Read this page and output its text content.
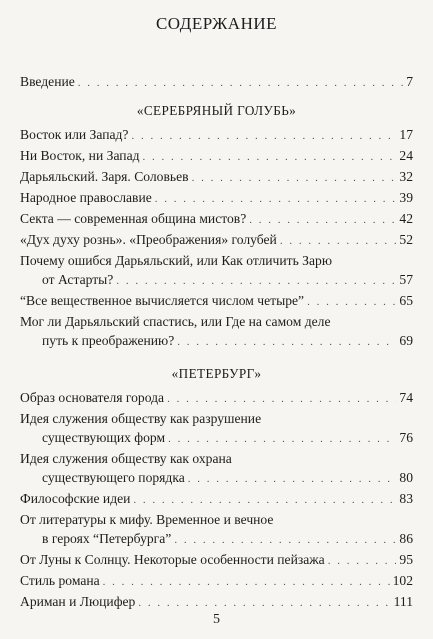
СОДЕРЖАНИЕ
Введение . . .	7
«СЕРЕБРЯНЫЙ ГОЛУБЬ»
Восток или Запад? . . .	17
Ни Восток, ни Запад . . .	24
Дарьяльский. Заря. Соловьев . . .	32
Народное православие . . .	39
Секта — современная община мистов? . . .	42
«Дух духу рознь». «Преображения» голубей . . .	52
Почему ошибся Дарьяльский, или Как отличить Зарю
от Астарты? . . .	57
“Все вещественное вычисляется числом четыре” . . .	65
Мог ли Дарьяльский спастись, или Где на самом деле
путь к преображению? . . .	69
«ПЕТЕРБУРГ»
Образ основателя города . . .	74
Идея служения обществу как разрушение
существующих форм . . .	76
Идея служения обществу как охрана
существующего порядка . . .	80
Философские идеи . . .	83
От литературы к мифу. Временное и вечное
в героях “Петербурга” . . .	86
От Луны к Солнцу. Некоторые особенности пейзажа . . .	95
Стиль романа . . .	102
Ариман и Люцифер . . .	111
5
